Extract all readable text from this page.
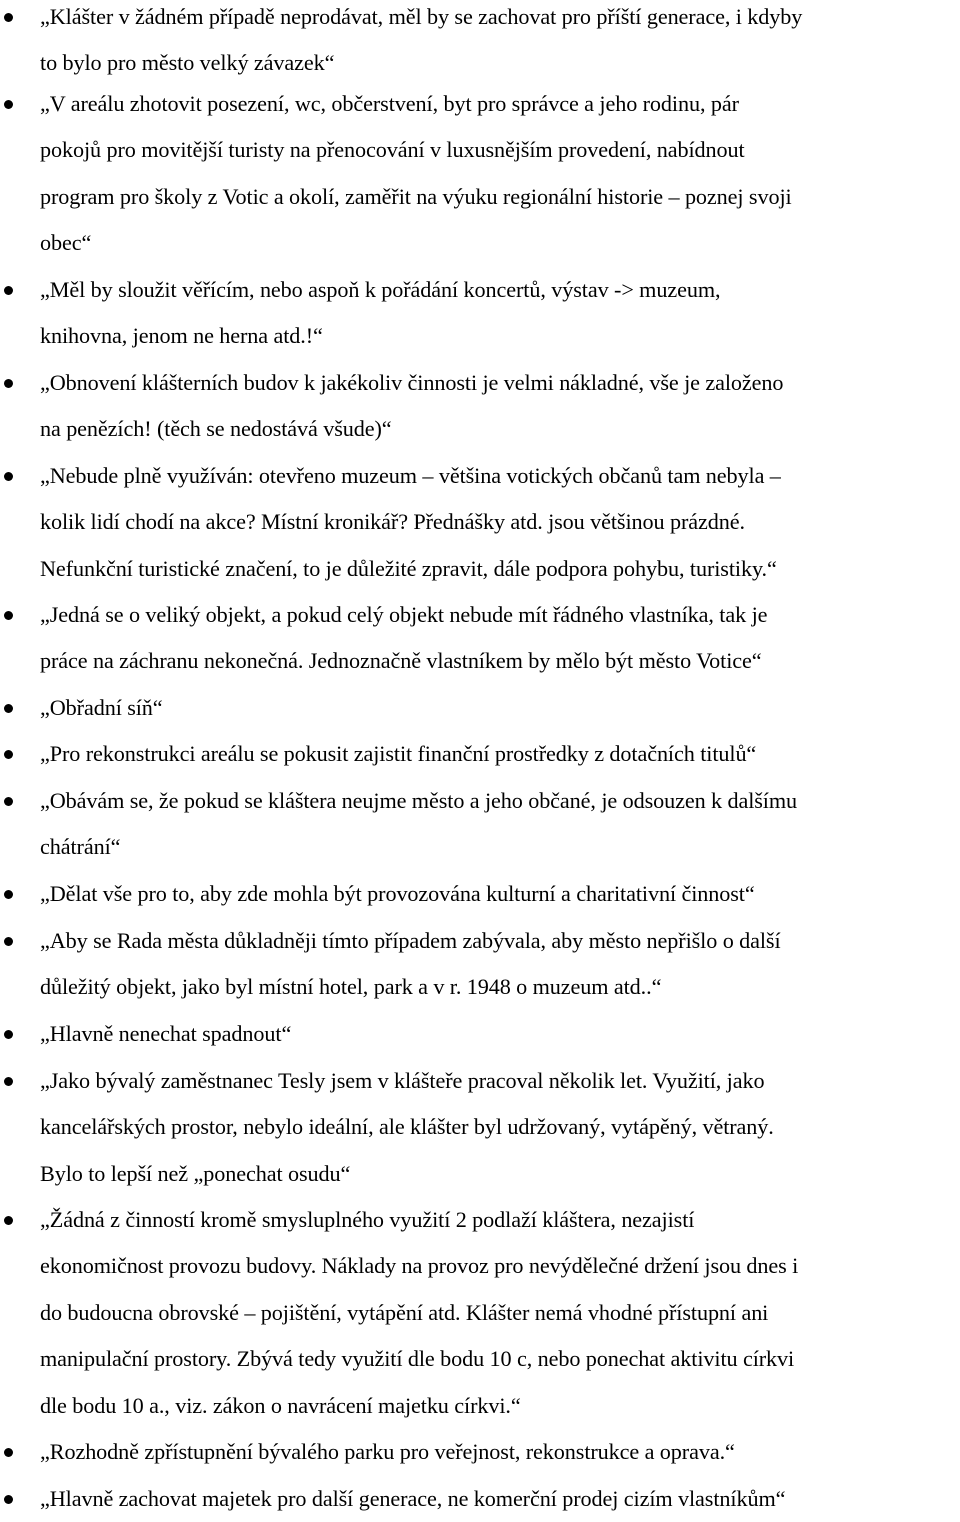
„Klášter v žádném případě neprodávat, měl by se zachovat pro příští generace, i kdyby
to bylo pro město velký závazek“
„V areálu zhotovit posezení, wc, občerstvení, byt pro správce a jeho rodinu, pár
pokojů pro movitější turisty na přenocování v luxusnějším provedení, nabídnout
program pro školy z Votic a okolí, zaměřit na výuku regionální historie – poznej svoji
obec“
„Měl by sloužit věřícím, nebo aspoň k pořádání koncertů, výstav -> muzeum,
knihovna, jenom ne herna atd.!“
„Obnovení klášterních budov k jakékoliv činnosti je velmi nákladné, vše je založeno
na penězích! (těch se nedostává všude)“
„Nebude plně využíván: otevřeno muzeum – většina votických občanů tam nebyla –
kolik lidí chodí na akce? Místní kronikář? Přednášky atd. jsou většinou prázdné.
Nefunkční turistické značení, to je důležité zpravit, dále podpora pohybu, turistiky.“
„Jedná se o veliký objekt, a pokud celý objekt nebude mít řádného vlastníka, tak je
práce na záchranu nekonečná. Jednoznačně vlastníkem by mělo být město Votice“
„Obřadní síň“
„Pro rekonstrukci areálu se pokusit zajistit finanční prostředky z dotačních titulů“
„Obávám se, že pokud se kláštera neujme město a jeho občané, je odsouzen k dalšímu
chátrání“
„Dělat vše pro to, aby zde mohla být provozována kulturní a charitativní činnost“
„Aby se Rada města důkladněji tímto případem zabývala, aby město nepřišlo o další
důležitý objekt, jako byl místní hotel, park a v r. 1948 o muzeum atd..“
„Hlavně nenechat spadnout“
„Jako bývalý zaměstnanec Tesly jsem v klášteře pracoval několik let. Využití, jako
kancelářských prostor, nebylo ideální, ale klášter byl udržovaný, vytápěný, větraný.
Bylo to lepší než „ponechat osudu“
„Žádná z činností kromě smysluplného využití 2 podlaží kláštera, nezajistí
ekonomičnost provozu budovy. Náklady na provoz pro nevýdělečné držení jsou dnes i
do budoucna obrovské – pojištění, vytápění atd. Klášter nemá vhodné přístupní ani
manipulační prostory. Zbývá tedy využití dle bodu 10 c, nebo ponechat aktivitu církvi
dle bodu 10 a., viz. zákon o navrácení majetku církvi.“
„Rozhodně zpřístupnění bývalého parku pro veřejnost, rekonstrukce a oprava.“
„Hlavně zachovat majetek pro další generace, ne komerční prodej cizím vlastníkům“
